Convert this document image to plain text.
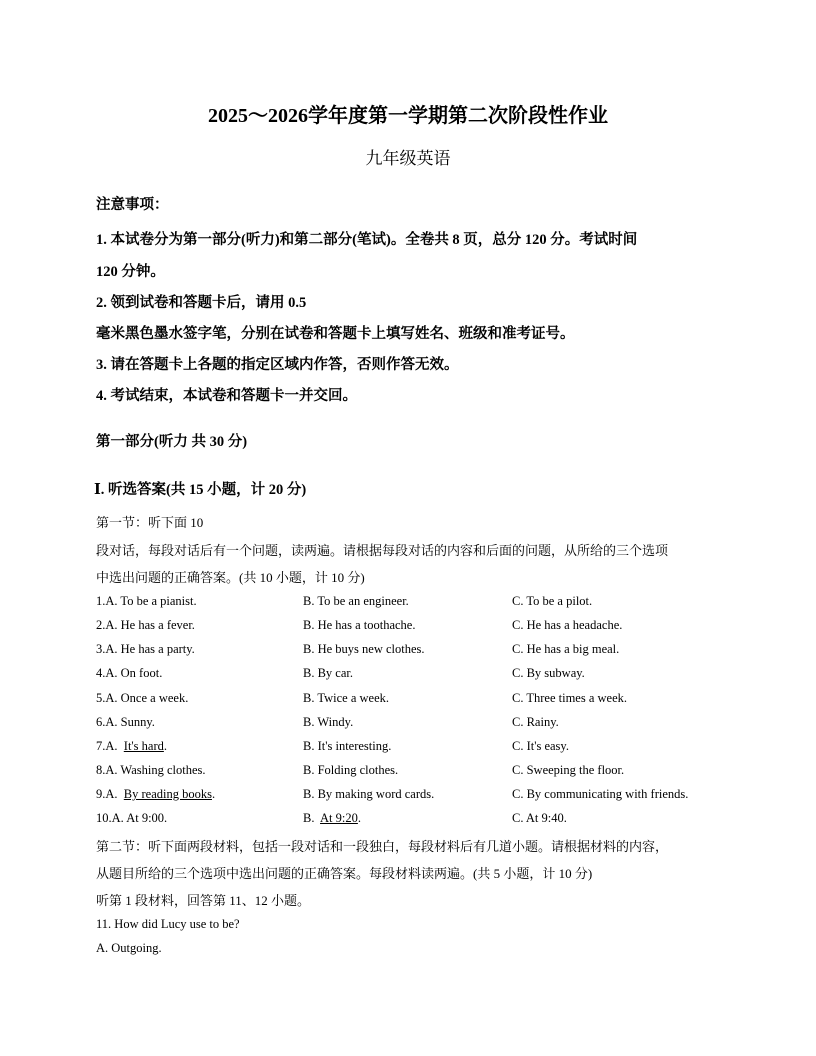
2025～2026学年度第一学期第二次阶段性作业
九年级英语
注意事项：
1. 本试卷分为第一部分(听力)和第二部分(笔试)。全卷共 8 页，总分 120 分。考试时间
120 分钟。
2. 领到试卷和答题卡后，请用 0.5
毫米黑色墨水签字笔，分别在试卷和答题卡上填写姓名、班级和准考证号。
3. 请在答题卡上各题的指定区域内作答，否则作答无效。
4. 考试结束，本试卷和答题卡一并交回。
第一部分(听力 共 30 分)
Ⅰ. 听选答案(共 15 小题，计 20 分)
第一节：听下面 10
段对话，每段对话后有一个问题，读两遍。请根据每段对话的内容和后面的问题，从所给的三个选项
中选出问题的正确答案。(共 10 小题，计 10 分)
1.A. To be a pianist.	B. To be an engineer.	C. To be a pilot.
2.A. He has a fever.	B. He has a toothache.	C. He has a headache.
3.A. He has a party.	B. He buys new clothes.	C. He has a big meal.
4.A. On foot.	B. By car.	C. By subway.
5.A. Once a week.	B. Twice a week.	C. Three times a week.
6.A. Sunny.	B. Windy.	C. Rainy.
7.A.  It's hard.	B. It's interesting.	C. It's easy.
8.A. Washing clothes.	B. Folding clothes.	C. Sweeping the floor.
9.A.  By reading books.	B. By making word cards.	C. By communicating with friends.
10.A. At 9:00.	B.  At 9:20.	C. At 9:40.
第二节：听下面两段材料，包括一段对话和一段独白，每段材料后有几道小题。请根据材料的内容，
从题目所给的三个选项中选出问题的正确答案。每段材料读两遍。(共 5 小题，计 10 分)
听第 1 段材料，回答第 11、12 小题。
11. How did Lucy use to be?
A. Outgoing.
